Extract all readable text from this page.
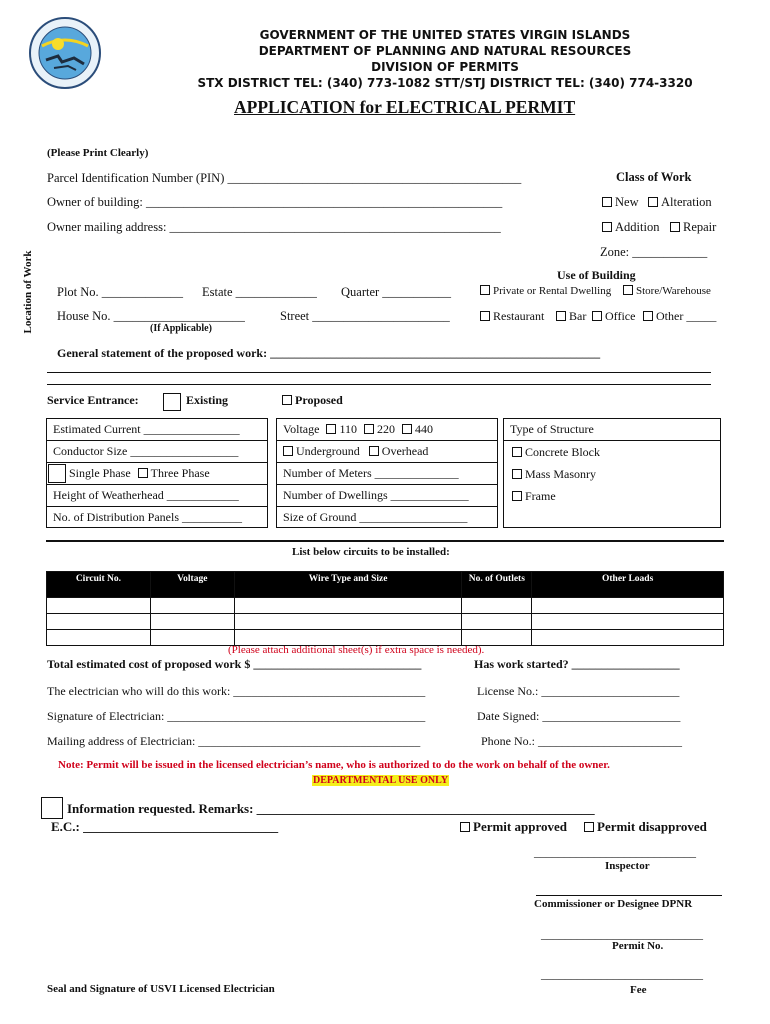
GOVERNMENT OF THE UNITED STATES VIRGIN ISLANDS
DEPARTMENT OF PLANNING AND NATURAL RESOURCES
DIVISION OF PERMITS
STX DISTRICT TEL: (340) 773-1082 STT/STJ DISTRICT TEL: (340) 774-3320
APPLICATION for ELECTRICAL PERMIT
(Please Print Clearly)
Parcel Identification Number (PIN) _______________________________________________
Owner of building: _________________________________________________________
Owner mailing address: _____________________________________________________
Class of Work
New	Alteration
Addition	Repair
Zone: ____________
Location of Work Plot No. _____________ Estate _____________ Quarter ___________
House No. _____________________	Street ______________________
(If Applicable)
Use of Building
Private or Rental Dwelling	Store/Warehouse
Restaurant	Bar	Office	Other _____
General statement of the proposed work: _______________________________________________________
Service Entrance:	Existing	Proposed
Estimated Current ________________
Conductor Size __________________
Single Phase Three Phase
Height of Weatherhead ____________
No. of Distribution Panels __________
Voltage 110 220 440
Underground Overhead
Number of Meters ______________
Number of Dwellings _____________
Size of Ground __________________
Type of Structure
Concrete Block
Mass Masonry
Frame
List below circuits to be installed:
Circuit No.	Voltage	Wire Type and Size	No. of Outlets	Other Loads

(Please attach additional sheet(s) if extra space is needed).
Total estimated cost of proposed work $ ____________________________	Has work started? __________________
The electrician who will do this work: ________________________________	License No.: _______________________
Signature of Electrician: ___________________________________________	Date Signed: _______________________
Mailing address of Electrician: _____________________________________	Phone No.: ________________________
Note: Permit will be issued in the licensed electrician’s name, who is authorized to do the work on behalf of the owner.
DEPARTMENTAL USE ONLY
Information requested. Remarks: ____________________________________________________
E.C.: ______________________________	Permit approved	Permit disapproved
___________________________
Inspector
Commissioner or Designee DPNR
___________________________
Permit No.
___________________________
Fee
Seal and Signature of USVI Licensed Electrician
